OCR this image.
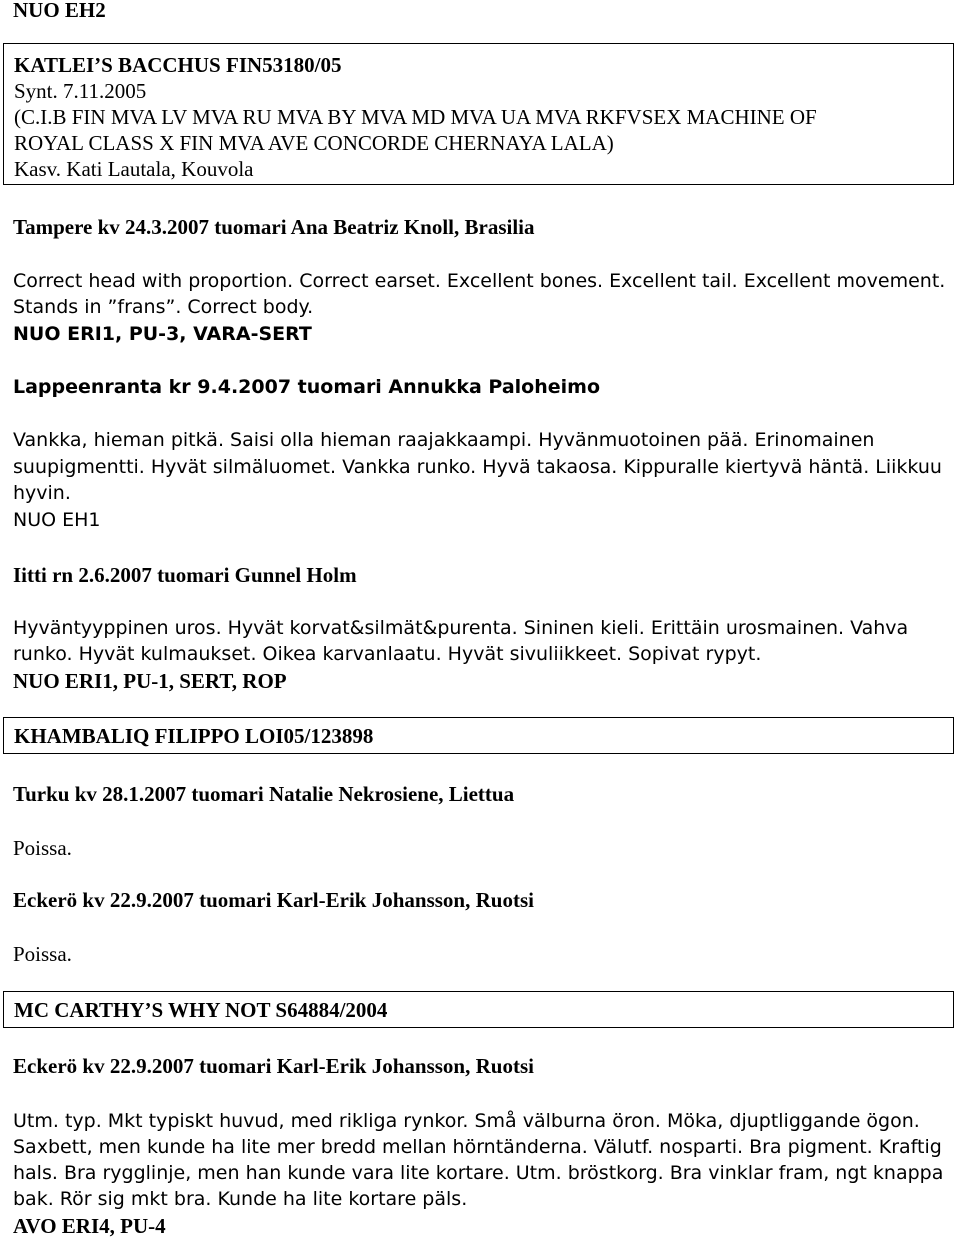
NUO EH2
KATLEI’S BACCHUS FIN53180/05
Synt. 7.11.2005
(C.I.B FIN MVA LV MVA RU MVA BY MVA MD MVA UA MVA RKFVSEX MACHINE OF
ROYAL CLASS X FIN MVA AVE CONCORDE CHERNAYA LALA)
Kasv. Kati Lautala, Kouvola
Tampere kv 24.3.2007 tuomari Ana Beatriz Knoll, Brasilia
Correct head with proportion. Correct earset. Excellent bones. Excellent tail. Excellent movement.
Stands in ”frans”. Correct body.
NUO ERI1, PU-3, VARA-SERT
Lappeenranta kr 9.4.2007 tuomari Annukka Paloheimo
Vankka, hieman pitkä. Saisi olla hieman raajakkaampi. Hyvänmuotoinen pää. Erinomainen
suupigmentti. Hyvät silmäluomet. Vankka runko. Hyvä takaosa. Kippuralle kiertyvä häntä. Liikkuu
hyvin.
NUO EH1
Iitti rn 2.6.2007 tuomari Gunnel Holm
Hyväntyyppinen uros. Hyvät korvat&silmät&purenta. Sininen kieli. Erittäin urosmainen. Vahva
runko. Hyvät kulmaukset. Oikea karvanlaatu. Hyvät sivuliikkeet. Sopivat rypyt.
NUO ERI1, PU-1, SERT, ROP
KHAMBALIQ FILIPPO LOI05/123898
Turku kv 28.1.2007 tuomari Natalie Nekrosiene, Liettua
Poissa.
Eckerö kv 22.9.2007 tuomari Karl-Erik Johansson, Ruotsi
Poissa.
MC CARTHY’S WHY NOT S64884/2004
Eckerö kv 22.9.2007 tuomari Karl-Erik Johansson, Ruotsi
Utm. typ. Mkt typiskt huvud, med rikliga rynkor. Små välburna öron. Möka, djuptliggande ögon.
Saxbett, men kunde ha lite mer bredd mellan hörntänderna. Välutf. nosparti. Bra pigment. Kraftig
hals. Bra rygglinje, men han kunde vara lite kortare. Utm. bröstkorg. Bra vinklar fram, ngt knappa
bak. Rör sig mkt bra. Kunde ha lite kortare päls.
AVO ERI4, PU-4
